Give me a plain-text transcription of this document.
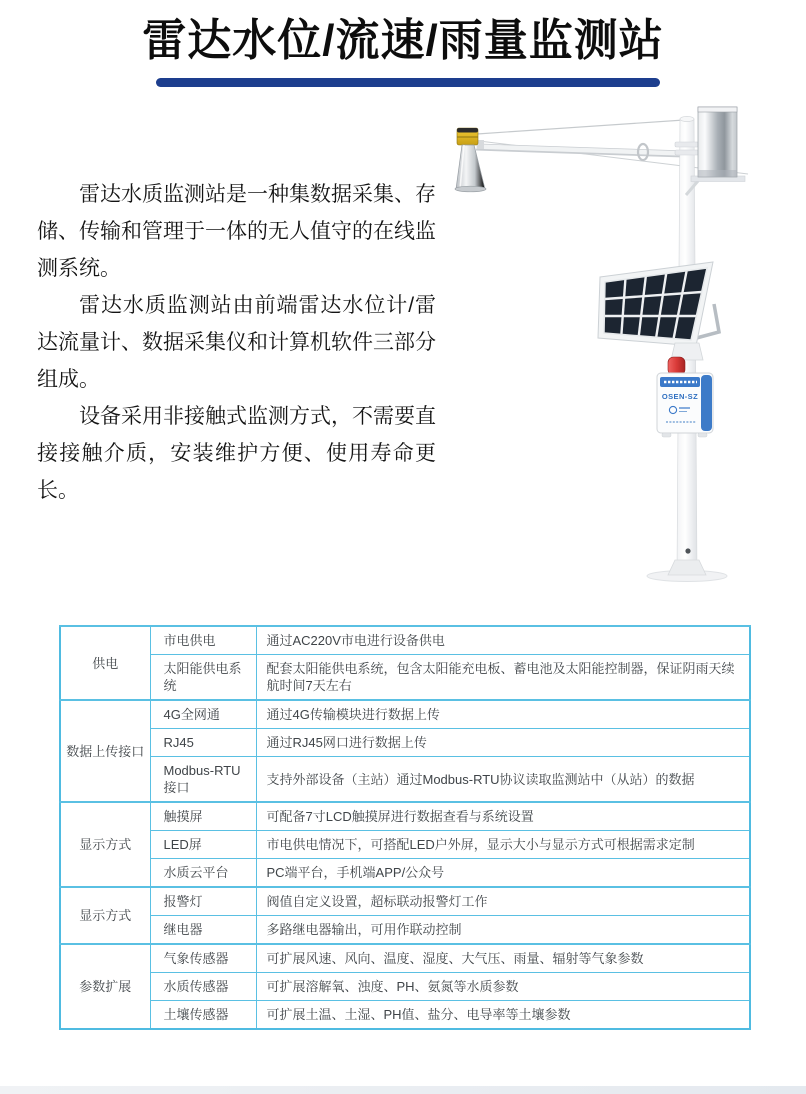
雷达水位/流速/雨量监测站

雷达水质监测站是一种集数据采集、存储、传输和管理于一体的无人值守的在线监测系统。

雷达水质监测站由前端雷达水位计/雷达流量计、数据采集仪和计算机软件三部分组成。

设备采用非接触式监测方式，不需要直接接触介质，安装维护方便、使用寿命更长。

OSEN-SZ
供电	市电供电	通过AC220V市电进行设备供电
	太阳能供电系统	配套太阳能供电系统，包含太阳能充电板、蓄电池及太阳能控制器，保证阴雨天续航时间7天左右
数据上传接口	4G全网通	通过4G传输模块进行数据上传
	RJ45	通过RJ45网口进行数据上传
	Modbus-RTU接口	支持外部设备（主站）通过Modbus-RTU协议读取监测站中（从站）的数据
显示方式	触摸屏	可配备7寸LCD触摸屏进行数据查看与系统设置
	LED屏	市电供电情况下，可搭配LED户外屏，显示大小与显示方式可根据需求定制
	水质云平台	PC端平台，手机端APP/公众号
显示方式	报警灯	阀值自定义设置，超标联动报警灯工作
	继电器	多路继电器输出，可用作联动控制
参数扩展	气象传感器	可扩展风速、风向、温度、湿度、大气压、雨量、辐射等气象参数
	水质传感器	可扩展溶解氧、浊度、PH、氨氮等水质参数
	土壤传感器	可扩展土温、土湿、PH值、盐分、电导率等土壤参数
